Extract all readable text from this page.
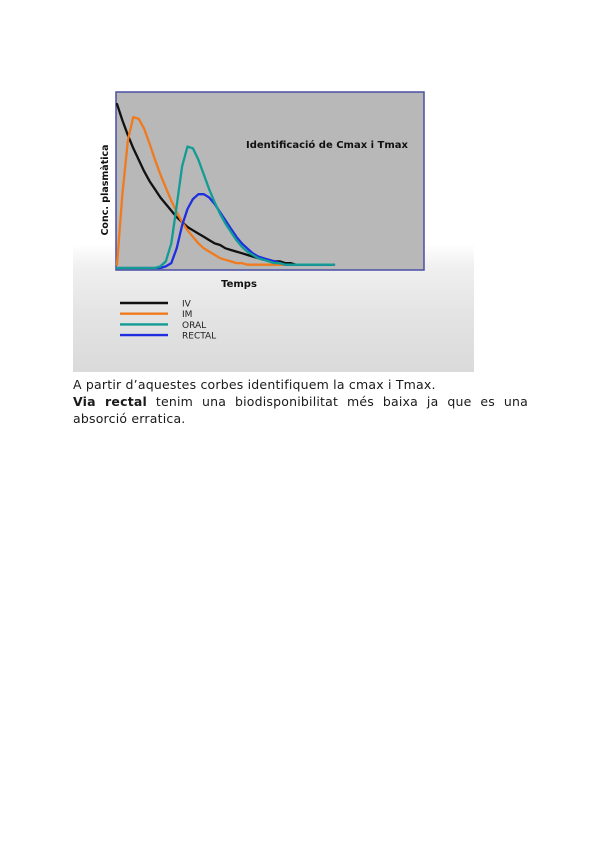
Identificació de Cmax i Tmax
Temps
Conc. plasmàtica
IV
IM
ORAL
RECTAL

A partir d’aquestes corbes identifiquem la cmax i Tmax.

Via rectal tenim una biodisponibilitat més baixa ja que es una absorció erratica.
